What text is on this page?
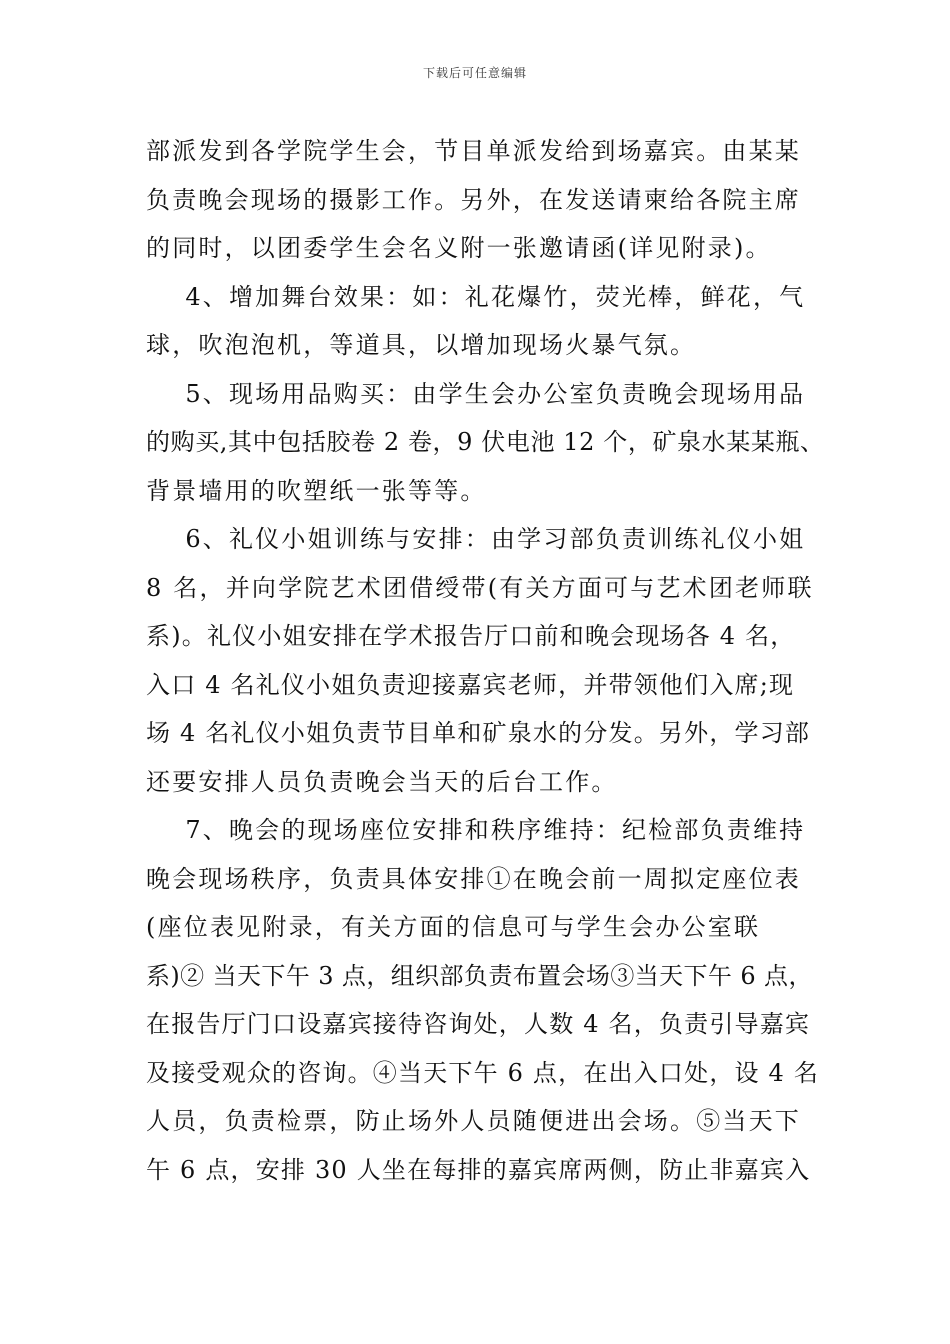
下载后可任意编辑
部派发到各学院学生会，节目单派发给到场嘉宾。由某某
负责晚会现场的摄影工作。另外，在发送请柬给各院主席
的同时，以团委学生会名义附一张邀请函(详见附录)。
4、增加舞台效果：如：礼花爆竹，荧光棒，鲜花，气
球，吹泡泡机，等道具，以增加现场火暴气氛。
5、现场用品购买：由学生会办公室负责晚会现场用品
的购买,其中包括胶卷 2 卷，9 伏电池 12 个，矿泉水某某瓶、
背景墙用的吹塑纸一张等等。
6、礼仪小姐训练与安排：由学习部负责训练礼仪小姐
8 名，并向学院艺术团借绶带(有关方面可与艺术团老师联
系)。礼仪小姐安排在学术报告厅口前和晚会现场各 4 名，
入口 4 名礼仪小姐负责迎接嘉宾老师，并带领他们入席;现
场 4 名礼仪小姐负责节目单和矿泉水的分发。另外，学习部
还要安排人员负责晚会当天的后台工作。
7、晚会的现场座位安排和秩序维持：纪检部负责维持
晚会现场秩序，负责具体安排①在晚会前一周拟定座位表
(座位表见附录，有关方面的信息可与学生会办公室联
系)② 当天下午 3 点，组织部负责布置会场③当天下午 6 点，
在报告厅门口设嘉宾接待咨询处，人数 4 名，负责引导嘉宾
及接受观众的咨询。④当天下午 6 点，在出入口处，设 4 名
人员，负责检票，防止场外人员随便进出会场。⑤当天下
午 6 点，安排 30 人坐在每排的嘉宾席两侧，防止非嘉宾入
